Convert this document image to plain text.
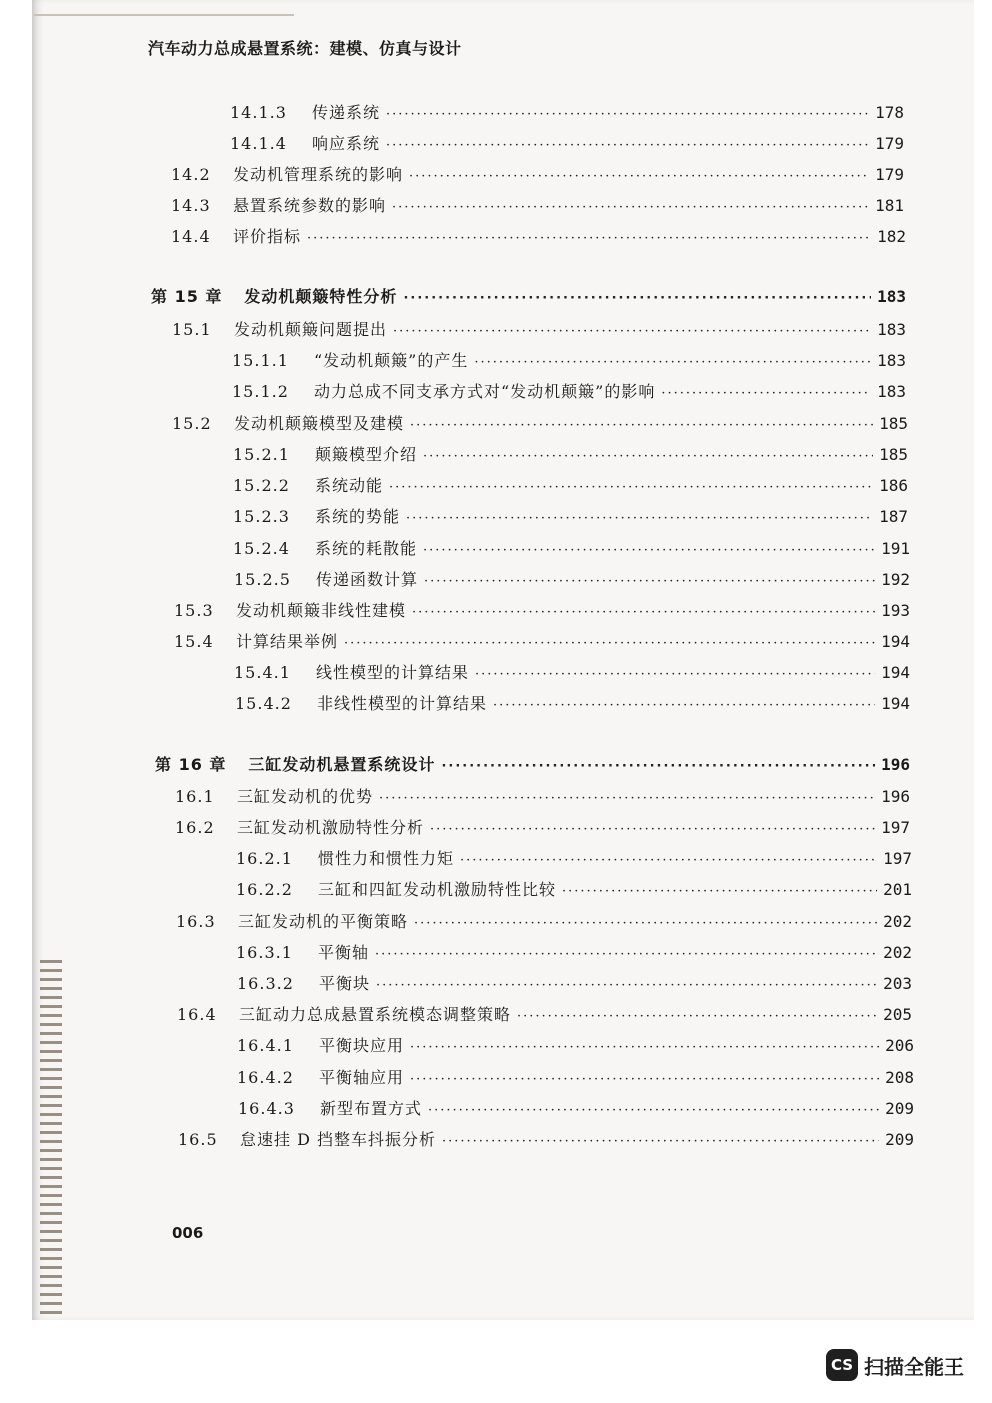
汽车动力总成悬置系统：建模、仿真与设计
14.1.3	传递系统 ·····	178
14.1.4	响应系统 ·····	179
14.2	发动机管理系统的影响 ·····	179
14.3	悬置系统参数的影响 ·····	181
14.4	评价指标 ·····	182
第 15 章 发动机颠簸特性分析 ·····	183
15.1	发动机颠簸问题提出 ·····	183
15.1.1	“发动机颠簸”的产生 ·····	183
15.1.2	动力总成不同支承方式对“发动机颠簸”的影响 ·····	183
15.2	发动机颠簸模型及建模 ·····	185
15.2.1	颠簸模型介绍 ·····	185
15.2.2	系统动能 ·····	186
15.2.3	系统的势能 ·····	187
15.2.4	系统的耗散能 ·····	191
15.2.5	传递函数计算 ·····	192
15.3	发动机颠簸非线性建模 ·····	193
15.4	计算结果举例 ·····	194
15.4.1	线性模型的计算结果 ·····	194
15.4.2	非线性模型的计算结果 ·····	194
第 16 章 三缸发动机悬置系统设计 ·····	196
16.1	三缸发动机的优势 ·····	196
16.2	三缸发动机激励特性分析 ·····	197
16.2.1	惯性力和惯性力矩 ·····	197
16.2.2	三缸和四缸发动机激励特性比较 ·····	201
16.3	三缸发动机的平衡策略 ·····	202
16.3.1	平衡轴 ·····	202
16.3.2	平衡块 ·····	203
16.4	三缸动力总成悬置系统模态调整策略 ·····	205
16.4.1	平衡块应用 ·····	206
16.4.2	平衡轴应用 ·····	208
16.4.3	新型布置方式 ·····	209
16.5	怠速挂 D 挡整车抖振分析 ·····	209
006
CS 扫描全能王
